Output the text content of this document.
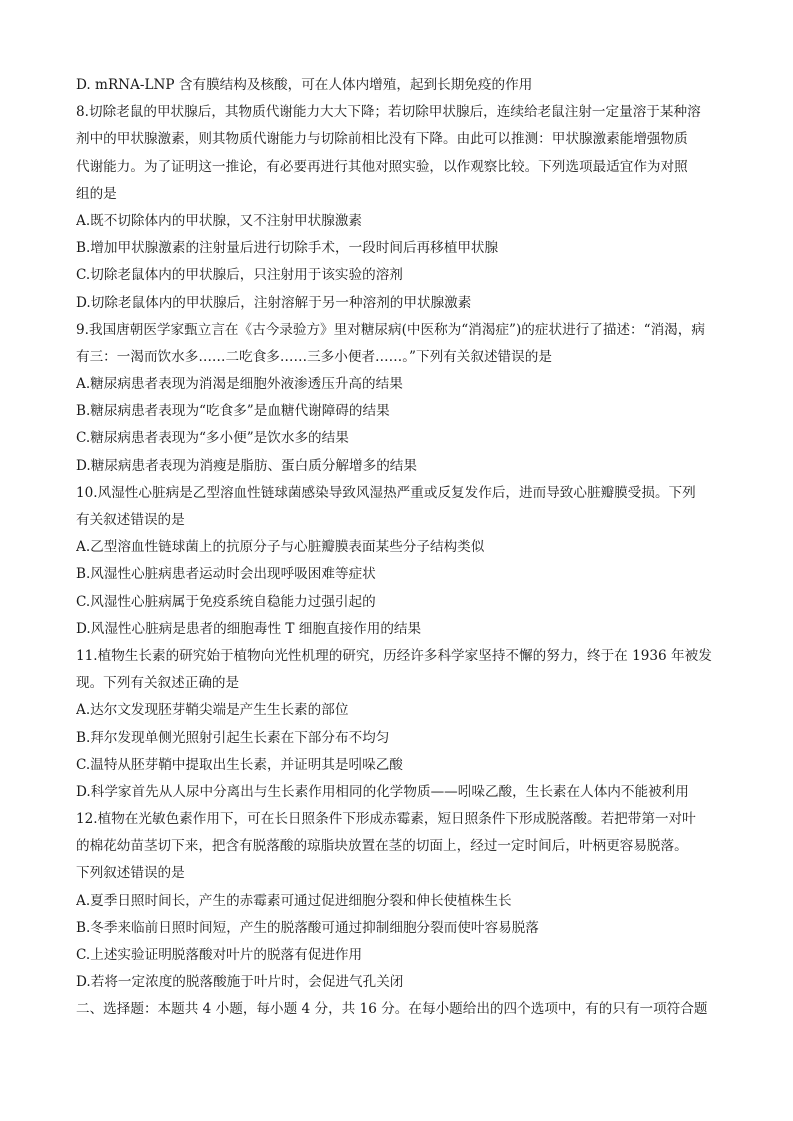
D. mRNA-LNP 含有膜结构及核酸，可在人体内增殖，起到长期免疫的作用
8.切除老鼠的甲状腺后，其物质代谢能力大大下降；若切除甲状腺后，连续给老鼠注射一定量溶于某种溶
剂中的甲状腺激素，则其物质代谢能力与切除前相比没有下降。由此可以推测：甲状腺激素能增强物质
代谢能力。为了证明这一推论，有必要再进行其他对照实验，以作观察比较。下列选项最适宜作为对照
组的是
A.既不切除体内的甲状腺，又不注射甲状腺激素
B.增加甲状腺激素的注射量后进行切除手术，一段时间后再移植甲状腺
C.切除老鼠体内的甲状腺后，只注射用于该实验的溶剂
D.切除老鼠体内的甲状腺后，注射溶解于另一种溶剂的甲状腺激素
9.我国唐朝医学家甄立言在《古今录验方》里对糖尿病(中医称为“消渴症”)的症状进行了描述：“消渴，病
有三：一渴而饮水多……二吃食多……三多小便者……。”下列有关叙述错误的是
A.糖尿病患者表现为消渴是细胞外液渗透压升高的结果
B.糖尿病患者表现为“吃食多”是血糖代谢障碍的结果
C.糖尿病患者表现为“多小便”是饮水多的结果
D.糖尿病患者表现为消瘦是脂肪、蛋白质分解增多的结果
10.风湿性心脏病是乙型溶血性链球菌感染导致风湿热严重或反复发作后，进而导致心脏瓣膜受损。下列
有关叙述错误的是
A.乙型溶血性链球菌上的抗原分子与心脏瓣膜表面某些分子结构类似
B.风湿性心脏病患者运动时会出现呼吸困难等症状
C.风湿性心脏病属于免疫系统自稳能力过强引起的
D.风湿性心脏病是患者的细胞毒性 T 细胞直接作用的结果
11.植物生长素的研究始于植物向光性机理的研究，历经许多科学家坚持不懈的努力，终于在 1936 年被发
现。下列有关叙述正确的是
A.达尔文发现胚芽鞘尖端是产生生长素的部位
B.拜尔发现单侧光照射引起生长素在下部分布不均匀
C.温特从胚芽鞘中提取出生长素，并证明其是吲哚乙酸
D.科学家首先从人尿中分离出与生长素作用相同的化学物质——吲哚乙酸，生长素在人体内不能被利用
12.植物在光敏色素作用下，可在长日照条件下形成赤霉素，短日照条件下形成脱落酸。若把带第一对叶
的棉花幼苗茎切下来，把含有脱落酸的琼脂块放置在茎的切面上，经过一定时间后，叶柄更容易脱落。
下列叙述错误的是
A.夏季日照时间长，产生的赤霉素可通过促进细胞分裂和伸长使植株生长
B.冬季来临前日照时间短，产生的脱落酸可通过抑制细胞分裂而使叶容易脱落
C.上述实验证明脱落酸对叶片的脱落有促进作用
D.若将一定浓度的脱落酸施于叶片时，会促进气孔关闭
二、选择题：本题共 4 小题，每小题 4 分，共 16 分。在每小题给出的四个选项中，有的只有一项符合题
